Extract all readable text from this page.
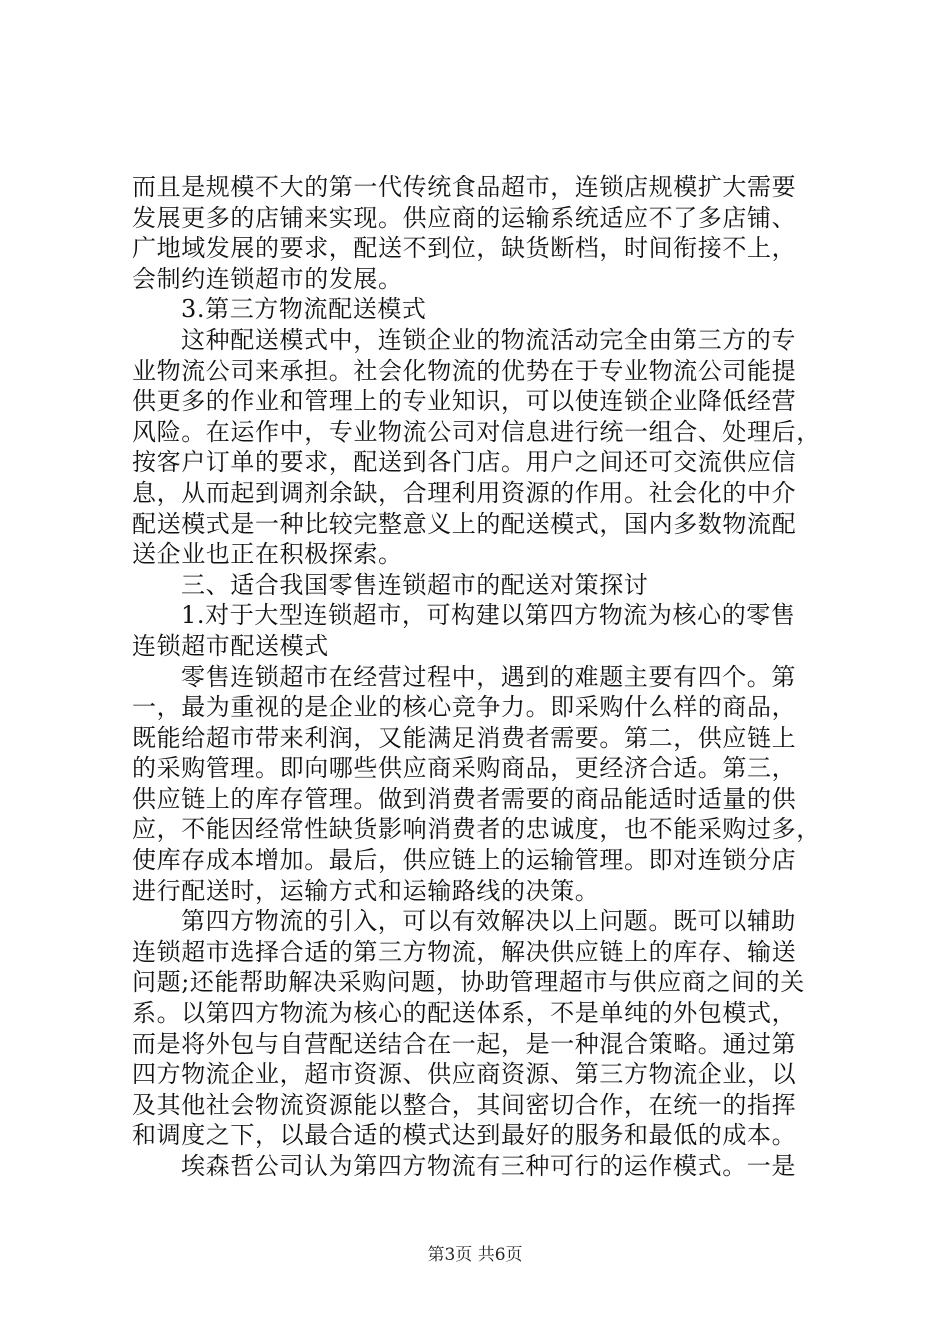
而且是规模不大的第一代传统食品超市，连锁店规模扩大需要
发展更多的店铺来实现。供应商的运输系统适应不了多店铺、
广地域发展的要求，配送不到位，缺货断档，时间衔接不上，
会制约连锁超市的发展。
3.第三方物流配送模式
这种配送模式中，连锁企业的物流活动完全由第三方的专
业物流公司来承担。社会化物流的优势在于专业物流公司能提
供更多的作业和管理上的专业知识，可以使连锁企业降低经营
风险。在运作中，专业物流公司对信息进行统一组合、处理后，
按客户订单的要求，配送到各门店。用户之间还可交流供应信
息，从而起到调剂余缺，合理利用资源的作用。社会化的中介
配送模式是一种比较完整意义上的配送模式，国内多数物流配
送企业也正在积极探索。
三、适合我国零售连锁超市的配送对策探讨
1.对于大型连锁超市，可构建以第四方物流为核心的零售
连锁超市配送模式
零售连锁超市在经营过程中，遇到的难题主要有四个。第
一，最为重视的是企业的核心竞争力。即采购什么样的商品，
既能给超市带来利润，又能满足消费者需要。第二，供应链上
的采购管理。即向哪些供应商采购商品，更经济合适。第三，
供应链上的库存管理。做到消费者需要的商品能适时适量的供
应，不能因经常性缺货影响消费者的忠诚度，也不能采购过多，
使库存成本增加。最后，供应链上的运输管理。即对连锁分店
进行配送时，运输方式和运输路线的决策。
第四方物流的引入，可以有效解决以上问题。既可以辅助
连锁超市选择合适的第三方物流，解决供应链上的库存、输送
问题;还能帮助解决采购问题，协助管理超市与供应商之间的关
系。以第四方物流为核心的配送体系，不是单纯的外包模式，
而是将外包与自营配送结合在一起，是一种混合策略。通过第
四方物流企业，超市资源、供应商资源、第三方物流企业，以
及其他社会物流资源能以整合，其间密切合作，在统一的指挥
和调度之下，以最合适的模式达到最好的服务和最低的成本。
埃森哲公司认为第四方物流有三种可行的运作模式。一是
第3页 共6页
